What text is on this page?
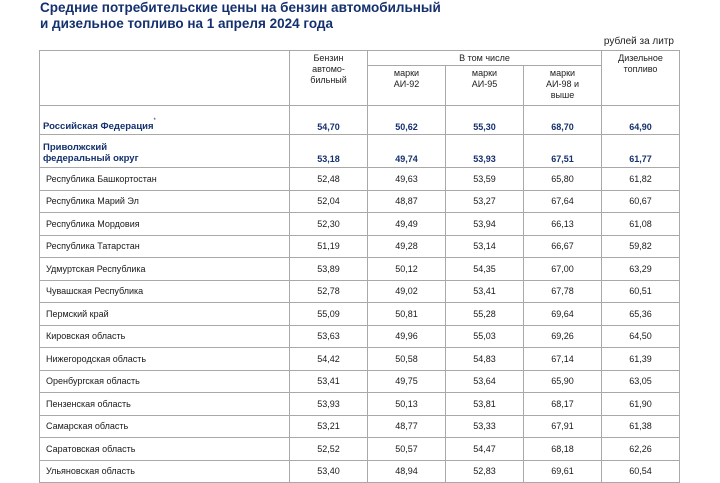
Средние потребительские цены на бензин автомобильный
и дизельное топливо на 1 апреля 2024 года
рублей за литр
	Бензин автомо-бильный	В том числе			Дизельное топливо
		марки АИ-92	марки АИ-95	марки АИ-98 и выше	
Российская Федерация*	54,70	50,62	55,30	68,70	64,90

Приволжский
федеральный округ	53,18	49,74	53,93	67,51	61,77
Республика Башкортостан	52,48	49,63	53,59	65,80	61,82
Республика Марий Эл	52,04	48,87	53,27	67,64	60,67
Республика Мордовия	52,30	49,49	53,94	66,13	61,08
Республика Татарстан	51,19	49,28	53,14	66,67	59,82
Удмуртская Республика	53,89	50,12	54,35	67,00	63,29
Чувашская Республика	52,78	49,02	53,41	67,78	60,51
Пермский край	55,09	50,81	55,28	69,64	65,36
Кировская область	53,63	49,96	55,03	69,26	64,50
Нижегородская область	54,42	50,58	54,83	67,14	61,39
Оренбургская область	53,41	49,75	53,64	65,90	63,05
Пензенская область	53,93	50,13	53,81	68,17	61,90
Самарская область	53,21	48,77	53,33	67,91	61,38
Саратовская область	52,52	50,57	54,47	68,18	62,26
Ульяновская область	53,40	48,94	52,83	69,61	60,54
